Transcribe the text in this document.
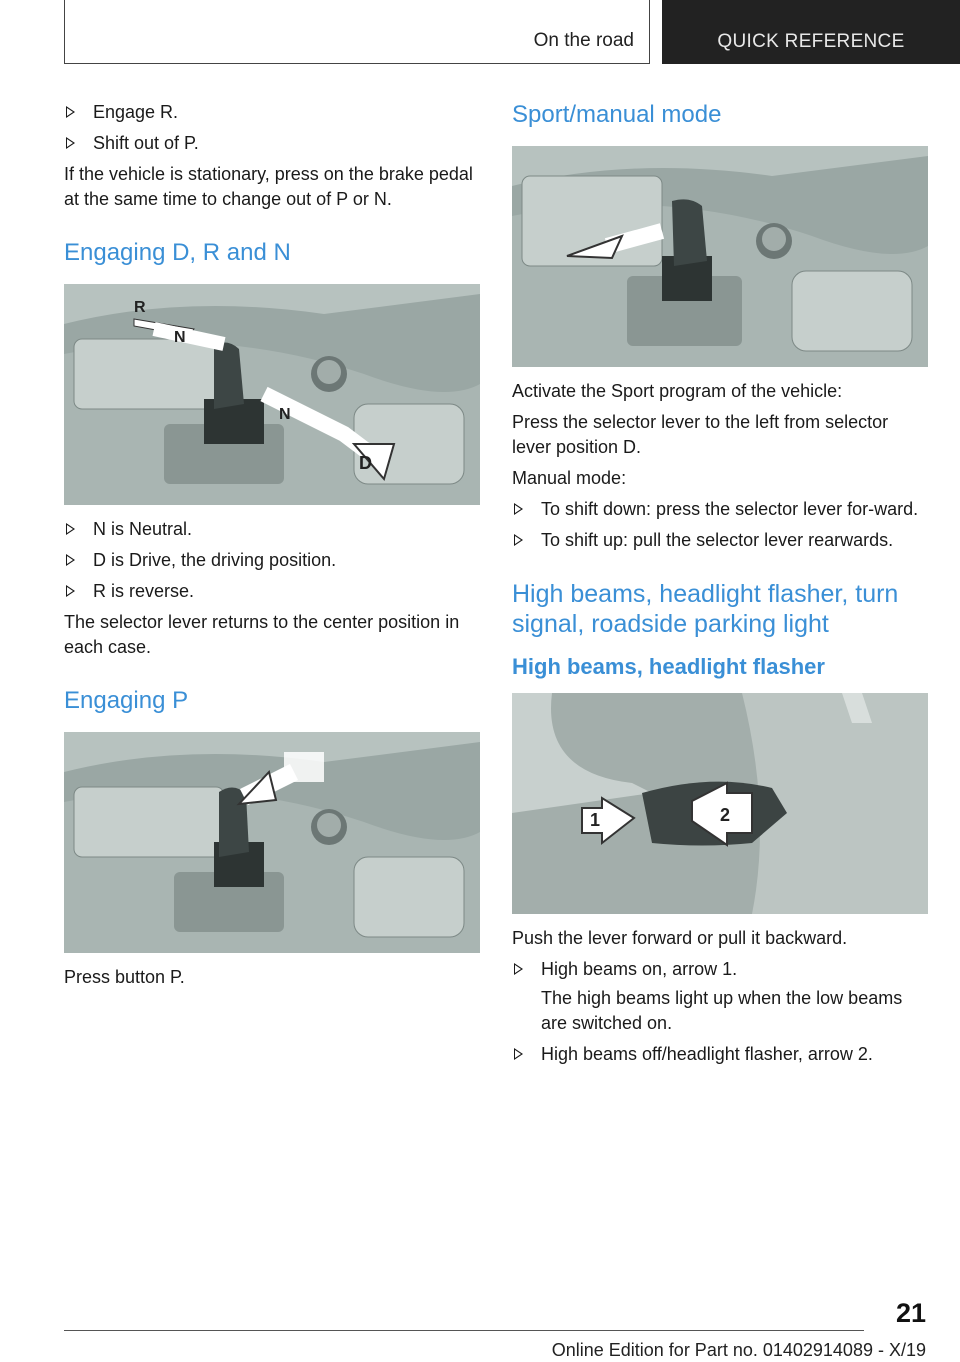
On the road	QUICK REFERENCE
Engage R.
Shift out of P.

If the vehicle is stationary, press on the brake pedal at the same time to change out of P or N.

Engaging D, R and N
R
N
N
D
N is Neutral.
D is Drive, the driving position.
R is reverse.

The selector lever returns to the center position in each case.

Engaging P

Press button P.

Sport/manual mode

Activate the Sport program of the vehicle:

Press the selector lever to the left from selector lever position D.

Manual mode:

To shift down: press the selector lever for-ward.
To shift up: pull the selector lever rearwards.
High beams, headlight flasher, turn signal, roadside parking light
High beams, headlight flasher
1	2

Push the lever forward or pull it backward.

High beams on, arrow 1.
The high beams light up when the low beams are switched on.
High beams off/headlight flasher, arrow 2.
21
Online Edition for Part no. 01402914089 - X/19
